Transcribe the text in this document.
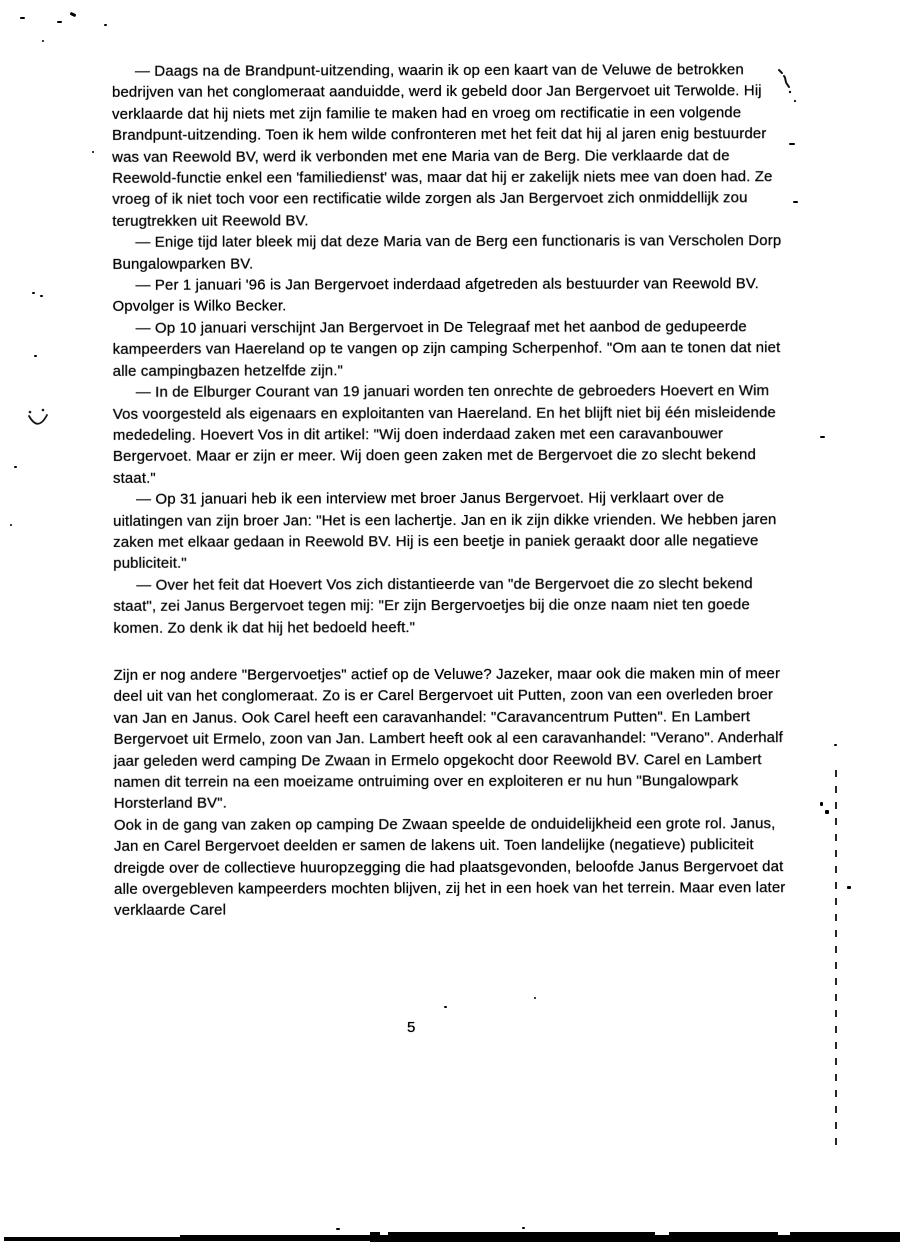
— Daags na de Brandpunt-uitzending, waarin ik op een kaart van de Veluwe de betrokken bedrijven van het conglomeraat aanduidde, werd ik gebeld door Jan Bergervoet uit Terwolde. Hij verklaarde dat hij niets met zijn familie te maken had en vroeg om rectificatie in een volgende Brandpunt-uitzending. Toen ik hem wilde confronteren met het feit dat hij al jaren enig bestuurder was van Reewold BV, werd ik verbonden met ene Maria van de Berg. Die verklaarde dat de Reewold-functie enkel een 'familiedienst' was, maar dat hij er zakelijk niets mee van doen had. Ze vroeg of ik niet toch voor een rectificatie wilde zorgen als Jan Bergervoet zich onmiddellijk zou terugtrekken uit Reewold BV.

— Enige tijd later bleek mij dat deze Maria van de Berg een functionaris is van Verscholen Dorp Bungalowparken BV.

— Per 1 januari '96 is Jan Bergervoet inderdaad afgetreden als bestuurder van Reewold BV. Opvolger is Wilko Becker.

— Op 10 januari verschijnt Jan Bergervoet in De Telegraaf met het aanbod de gedupeerde kampeerders van Haereland op te vangen op zijn camping Scherpenhof. "Om aan te tonen dat niet alle campingbazen hetzelfde zijn."

— In de Elburger Courant van 19 januari worden ten onrechte de gebroeders Hoevert en Wim Vos voorgesteld als eigenaars en exploitanten van Haereland. En het blijft niet bij één misleidende mededeling. Hoevert Vos in dit artikel: "Wij doen inderdaad zaken met een caravanbouwer Bergervoet. Maar er zijn er meer. Wij doen geen zaken met de Bergervoet die zo slecht bekend staat."

— Op 31 januari heb ik een interview met broer Janus Bergervoet. Hij verklaart over de uitlatingen van zijn broer Jan: "Het is een lachertje. Jan en ik zijn dikke vrienden. We hebben jaren zaken met elkaar gedaan in Reewold BV. Hij is een beetje in paniek geraakt door alle negatieve publiciteit."

— Over het feit dat Hoevert Vos zich distantieerde van "de Bergervoet die zo slecht bekend staat", zei Janus Bergervoet tegen mij: "Er zijn Bergervoetjes bij die onze naam niet ten goede komen. Zo denk ik dat hij het bedoeld heeft."

Zijn er nog andere "Bergervoetjes" actief op de Veluwe? Jazeker, maar ook die maken min of meer deel uit van het conglomeraat. Zo is er Carel Bergervoet uit Putten, zoon van een overleden broer van Jan en Janus. Ook Carel heeft een caravanhandel: "Caravancentrum Putten". En Lambert Bergervoet uit Ermelo, zoon van Jan. Lambert heeft ook al een caravanhandel: "Verano". Anderhalf jaar geleden werd camping De Zwaan in Ermelo opgekocht door Reewold BV. Carel en Lambert namen dit terrein na een moeizame ontruiming over en exploiteren er nu hun "Bungalowpark Horsterland BV".

Ook in de gang van zaken op camping De Zwaan speelde de onduidelijkheid een grote rol. Janus, Jan en Carel Bergervoet deelden er samen de lakens uit. Toen landelijke (negatieve) publiciteit dreigde over de collectieve huuropzegging die had plaatsgevonden, beloofde Janus Bergervoet dat alle overgebleven kampeerders mochten blijven, zij het in een hoek van het terrein. Maar even later verklaarde Carel

5
